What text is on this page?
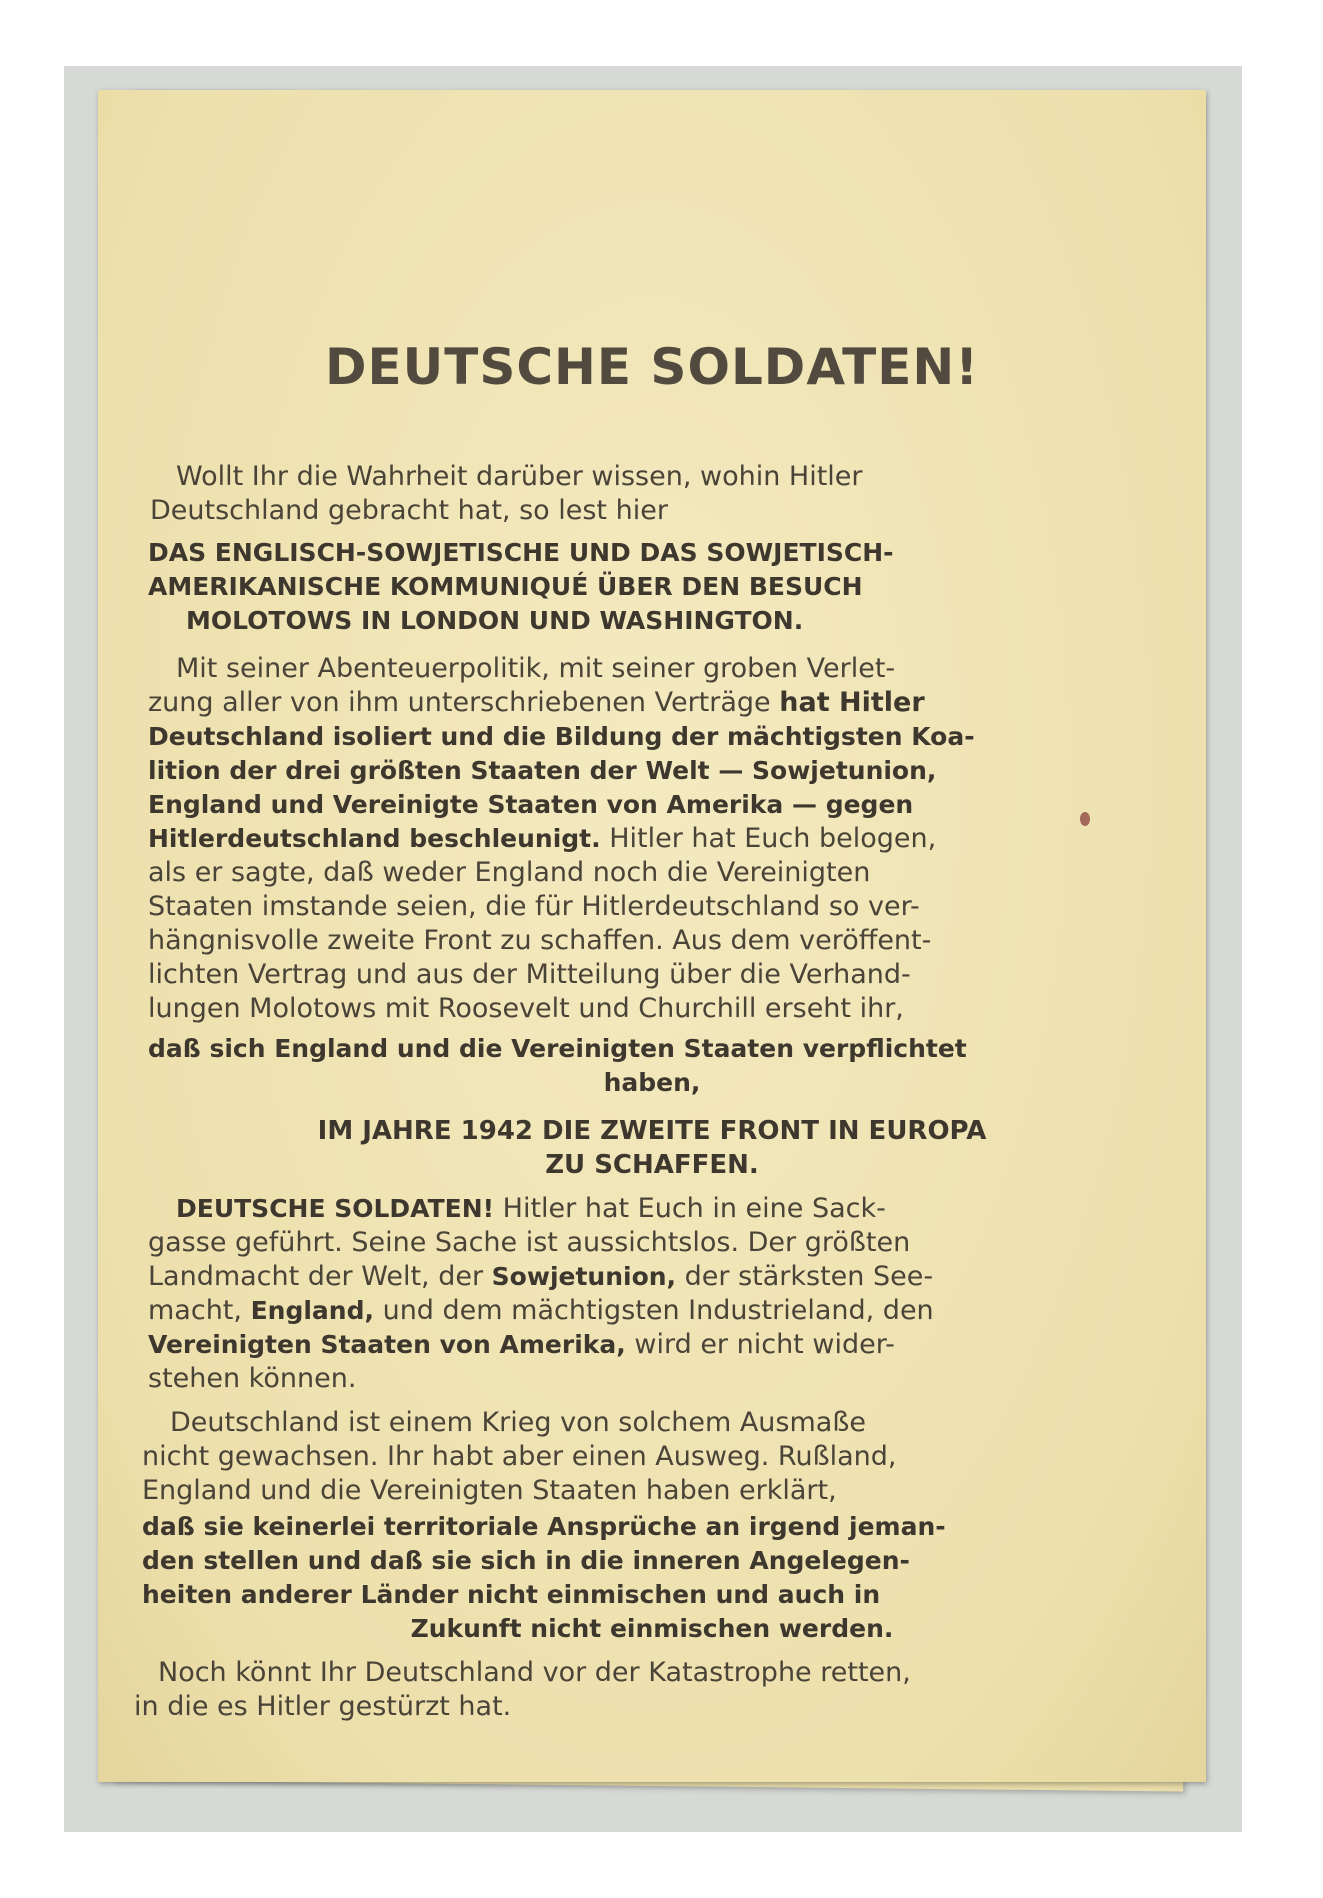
DEUTSCHE SOLDATEN!
Wollt Ihr die Wahrheit darüber wissen, wohin Hitler
Deutschland gebracht hat, so lest hier
DAS ENGLISCH-SOWJETISCHE UND DAS SOWJETISCH-
AMERIKANISCHE KOMMUNIQUÉ ÜBER DEN BESUCH
MOLOTOWS IN LONDON UND WASHINGTON.
Mit seiner Abenteuerpolitik, mit seiner groben Verlet-
zung aller von ihm unterschriebenen Verträge hat Hitler
Deutschland isoliert und die Bildung der mächtigsten Koa-
lition der drei größten Staaten der Welt — Sowjetunion,
England und Vereinigte Staaten von Amerika — gegen
Hitlerdeutschland beschleunigt. Hitler hat Euch belogen,
als er sagte, daß weder England noch die Vereinigten
Staaten imstande seien, die für Hitlerdeutschland so ver-
hängnisvolle zweite Front zu schaffen. Aus dem veröffent-
lichten Vertrag und aus der Mitteilung über die Verhand-
lungen Molotows mit Roosevelt und Churchill erseht ihr,
daß sich England und die Vereinigten Staaten verpflichtet
haben,
IM JAHRE 1942 DIE ZWEITE FRONT IN EUROPA
ZU SCHAFFEN.
DEUTSCHE SOLDATEN! Hitler hat Euch in eine Sack-
gasse geführt. Seine Sache ist aussichtslos. Der größten
Landmacht der Welt, der Sowjetunion, der stärksten See-
macht, England, und dem mächtigsten Industrieland, den
Vereinigten Staaten von Amerika, wird er nicht wider-
stehen können.
Deutschland ist einem Krieg von solchem Ausmaße
nicht gewachsen. Ihr habt aber einen Ausweg. Rußland,
England und die Vereinigten Staaten haben erklärt,
daß sie keinerlei territoriale Ansprüche an irgend jeman-
den stellen und daß sie sich in die inneren Angelegen-
heiten anderer Länder nicht einmischen und auch in
Zukunft nicht einmischen werden.
Noch könnt Ihr Deutschland vor der Katastrophe retten,
in die es Hitler gestürzt hat.
